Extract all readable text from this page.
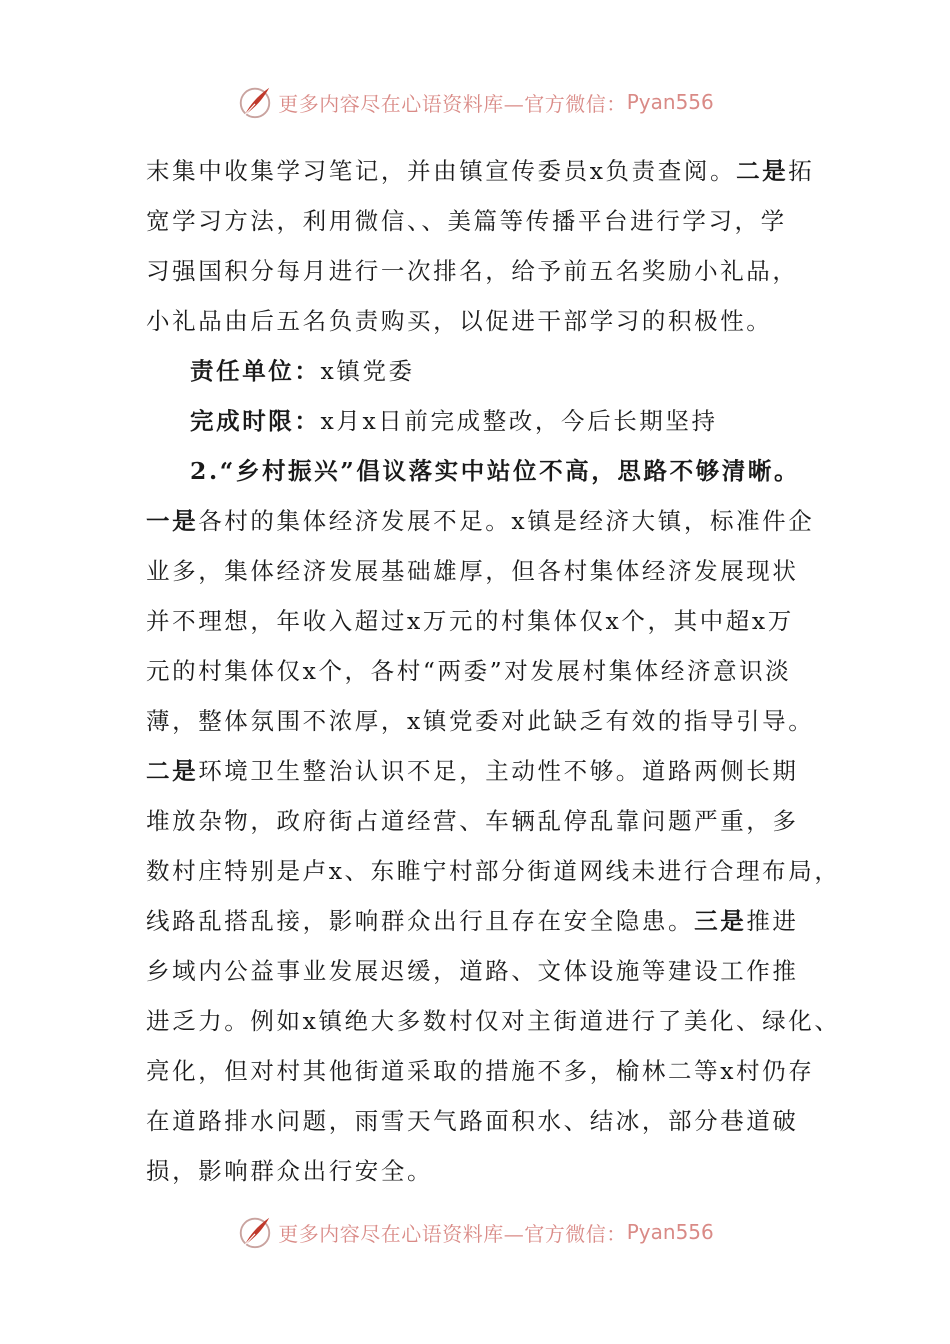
更多内容尽在心语资料库—官方微信： Pyan556
末集中收集学习笔记，并由镇宣传委员x负责查阅。二是拓
宽学习方法，利用微信、、美篇等传播平台进行学习，学
习强国积分每月进行一次排名，给予前五名奖励小礼品，
小礼品由后五名负责购买，以促进干部学习的积极性。
责任单位：x镇党委
完成时限：x月x日前完成整改，今后长期坚持
2.“乡村振兴”倡议落实中站位不高，思路不够清晰。
一是各村的集体经济发展不足。x镇是经济大镇，标准件企
业多，集体经济发展基础雄厚，但各村集体经济发展现状
并不理想，年收入超过x万元的村集体仅x个，其中超x万
元的村集体仅x个，各村“两委”对发展村集体经济意识淡
薄，整体氛围不浓厚，x镇党委对此缺乏有效的指导引导。
二是环境卫生整治认识不足，主动性不够。道路两侧长期
堆放杂物，政府街占道经营、车辆乱停乱靠问题严重，多
数村庄特别是卢x、东睢宁村部分街道网线未进行合理布局，
线路乱搭乱接，影响群众出行且存在安全隐患。三是推进
乡域内公益事业发展迟缓，道路、文体设施等建设工作推
进乏力。例如x镇绝大多数村仅对主街道进行了美化、绿化、
亮化，但对村其他街道采取的措施不多，榆林二等x村仍存
在道路排水问题，雨雪天气路面积水、结冰，部分巷道破
损，影响群众出行安全。
更多内容尽在心语资料库—官方微信： Pyan556
